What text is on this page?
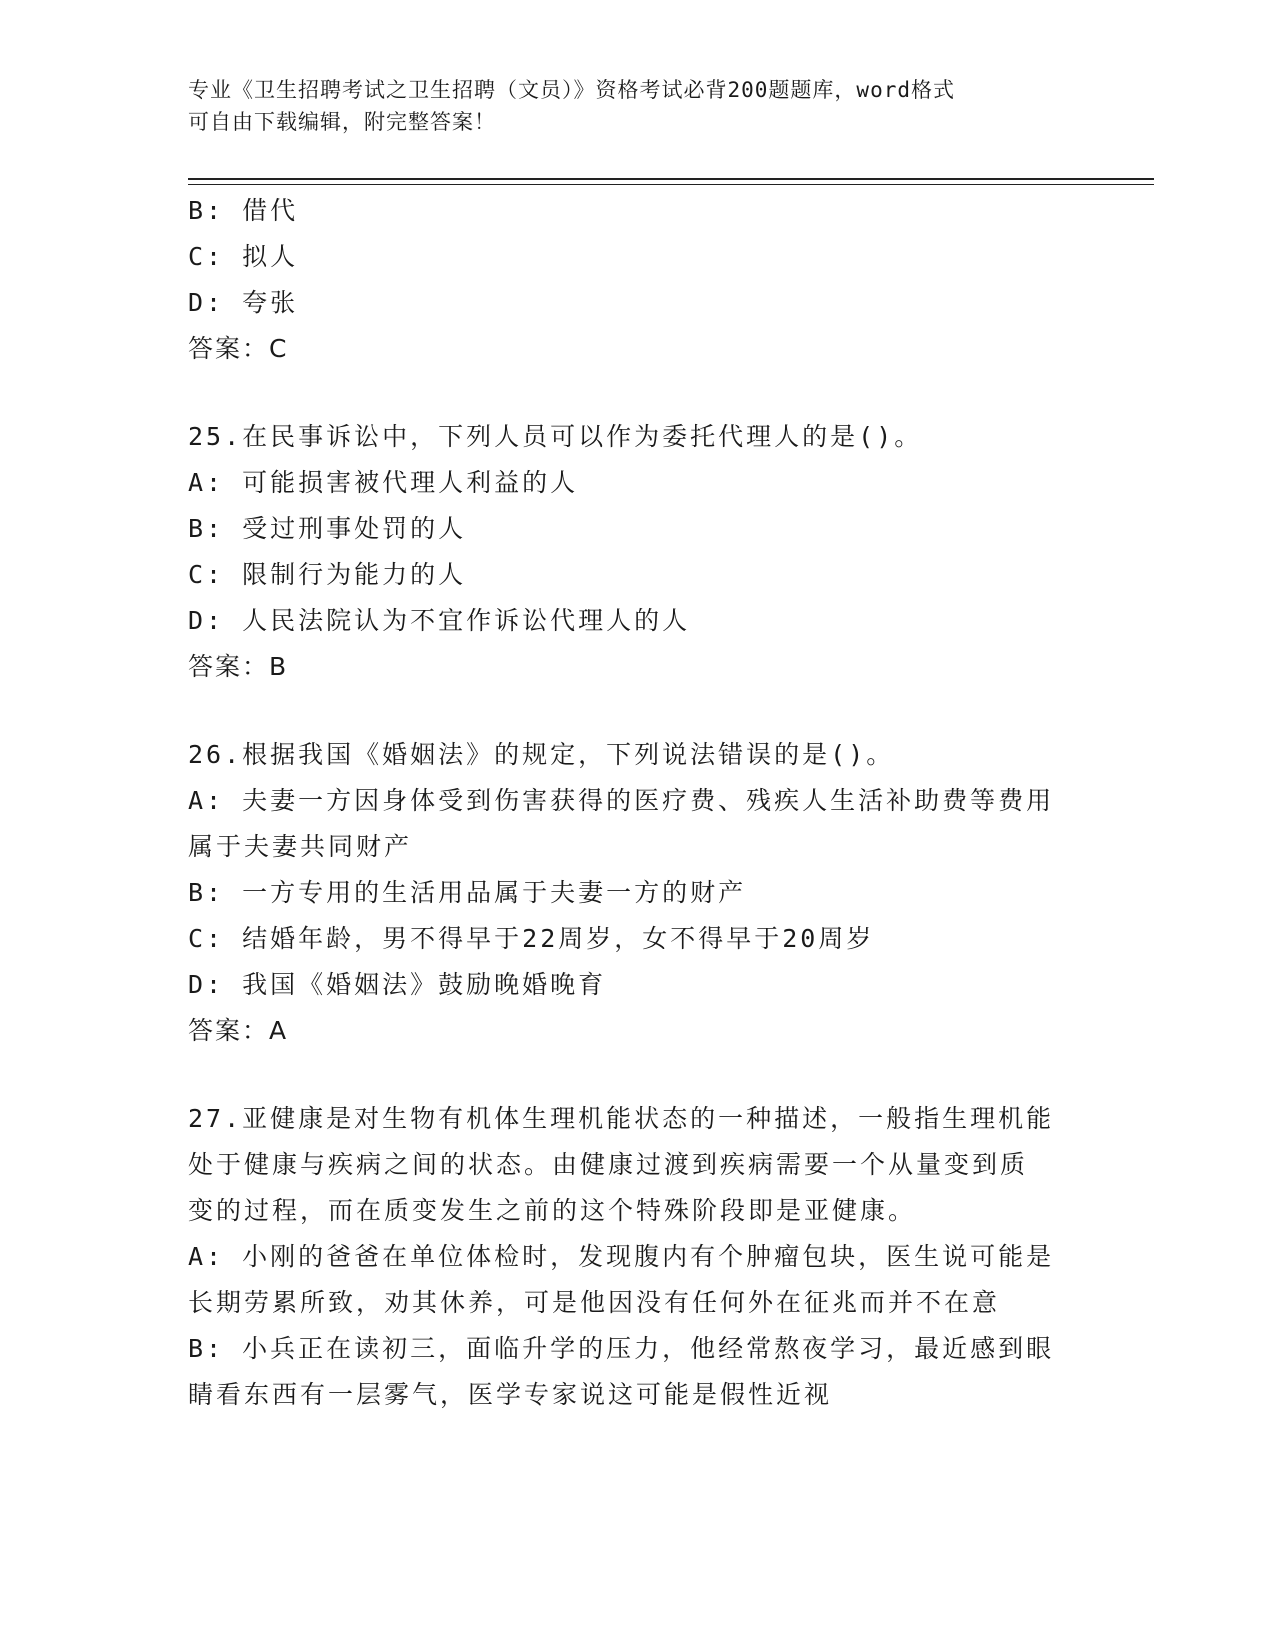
专业《卫生招聘考试之卫生招聘（文员）》资格考试必背200题题库，word格式
可自由下载编辑，附完整答案！
B: 借代
C: 拟人
D: 夸张
答案：C
25.在民事诉讼中，下列人员可以作为委托代理人的是()。
A: 可能损害被代理人利益的人
B: 受过刑事处罚的人
C: 限制行为能力的人
D: 人民法院认为不宜作诉讼代理人的人
答案：B
26.根据我国《婚姻法》的规定，下列说法错误的是()。
A: 夫妻一方因身体受到伤害获得的医疗费、残疾人生活补助费等费用
属于夫妻共同财产
B: 一方专用的生活用品属于夫妻一方的财产
C: 结婚年龄，男不得早于22周岁，女不得早于20周岁
D: 我国《婚姻法》鼓励晚婚晚育
答案：A
27.亚健康是对生物有机体生理机能状态的一种描述，一般指生理机能
处于健康与疾病之间的状态。由健康过渡到疾病需要一个从量变到质
变的过程，而在质变发生之前的这个特殊阶段即是亚健康。
A: 小刚的爸爸在单位体检时，发现腹内有个肿瘤包块，医生说可能是
长期劳累所致，劝其休养，可是他因没有任何外在征兆而并不在意
B: 小兵正在读初三，面临升学的压力，他经常熬夜学习，最近感到眼
睛看东西有一层雾气，医学专家说这可能是假性近视
